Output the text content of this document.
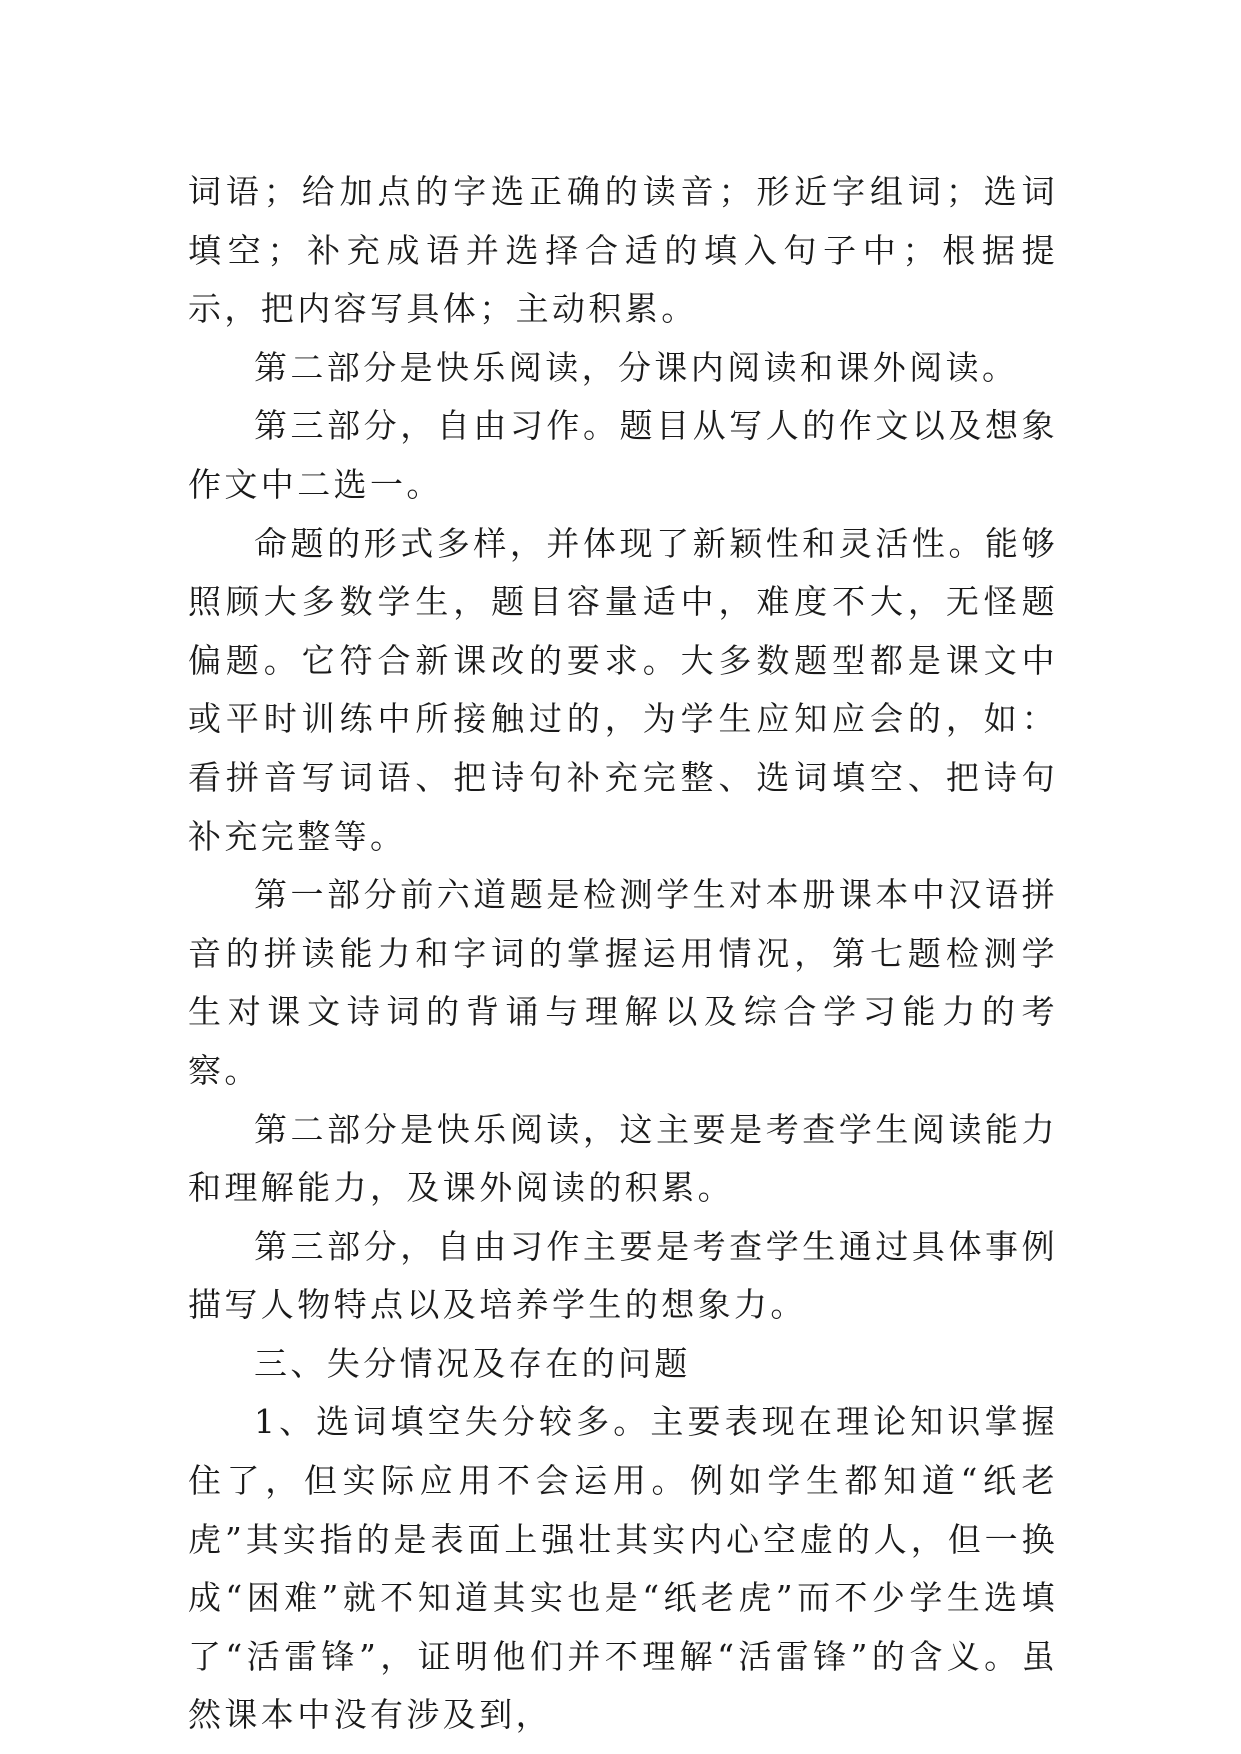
词语；给加点的字选正确的读音；形近字组词；选词填空；补充成语并选择合适的填入句子中；根据提示，把内容写具体；主动积累。

第二部分是快乐阅读，分课内阅读和课外阅读。

第三部分，自由习作。题目从写人的作文以及想象作文中二选一。

命题的形式多样，并体现了新颖性和灵活性。能够照顾大多数学生，题目容量适中，难度不大，无怪题偏题。它符合新课改的要求。大多数题型都是课文中或平时训练中所接触过的，为学生应知应会的，如：看拼音写词语、把诗句补充完整、选词填空、把诗句补充完整等。

第一部分前六道题是检测学生对本册课本中汉语拼音的拼读能力和字词的掌握运用情况，第七题检测学生对课文诗词的背诵与理解以及综合学习能力的考察。

第二部分是快乐阅读，这主要是考查学生阅读能力和理解能力，及课外阅读的积累。

第三部分，自由习作主要是考查学生通过具体事例描写人物特点以及培养学生的想象力。

三、失分情况及存在的问题

1、选词填空失分较多。主要表现在理论知识掌握住了，但实际应用不会运用。例如学生都知道“纸老虎”其实指的是表面上强壮其实内心空虚的人，但一换成“困难”就不知道其实也是“纸老虎”而不少学生选填了“活雷锋”，证明他们并不理解“活雷锋”的含义。虽然课本中没有涉及到，
